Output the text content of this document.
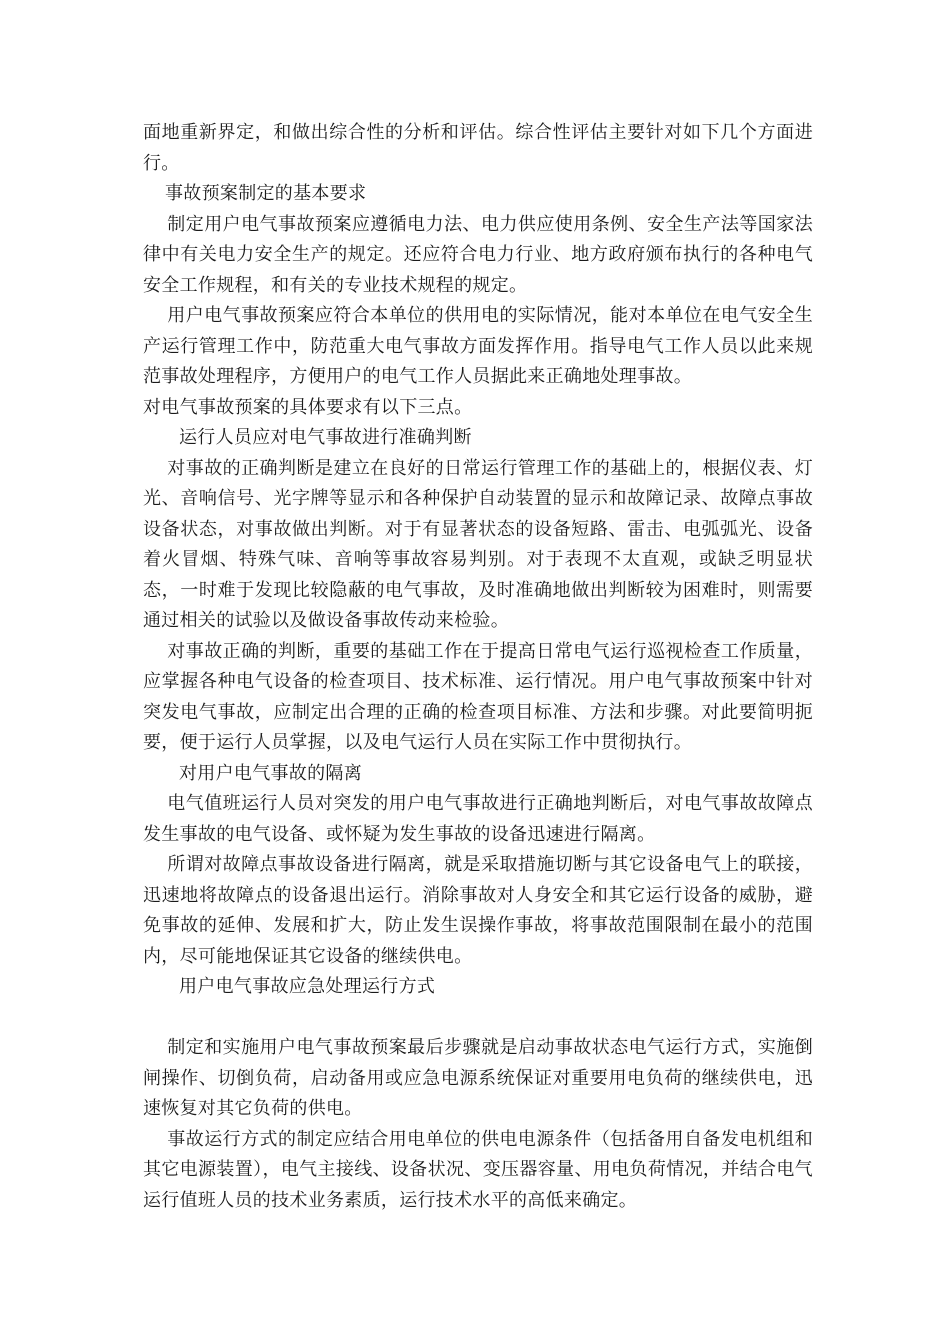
面地重新界定，和做出综合性的分析和评估。综合性评估主要针对如下几个方面进行。

事故预案制定的基本要求

制定用户电气事故预案应遵循电力法、电力供应使用条例、安全生产法等国家法律中有关电力安全生产的规定。还应符合电力行业、地方政府颁布执行的各种电气安全工作规程，和有关的专业技术规程的规定。

用户电气事故预案应符合本单位的供用电的实际情况，能对本单位在电气安全生产运行管理工作中，防范重大电气事故方面发挥作用。指导电气工作人员以此来规范事故处理程序，方便用户的电气工作人员据此来正确地处理事故。

对电气事故预案的具体要求有以下三点。

运行人员应对电气事故进行准确判断

对事故的正确判断是建立在良好的日常运行管理工作的基础上的，根据仪表、灯光、音响信号、光字牌等显示和各种保护自动装置的显示和故障记录、故障点事故设备状态，对事故做出判断。对于有显著状态的设备短路、雷击、电弧弧光、设备着火冒烟、特殊气味、音响等事故容易判别。对于表现不太直观，或缺乏明显状态，一时难于发现比较隐蔽的电气事故，及时准确地做出判断较为困难时，则需要通过相关的试验以及做设备事故传动来检验。

对事故正确的判断，重要的基础工作在于提高日常电气运行巡视检查工作质量，应掌握各种电气设备的检查项目、技术标准、运行情况。用户电气事故预案中针对突发电气事故，应制定出合理的正确的检查项目标准、方法和步骤。对此要简明扼要，便于运行人员掌握，以及电气运行人员在实际工作中贯彻执行。

对用户电气事故的隔离

电气值班运行人员对突发的用户电气事故进行正确地判断后，对电气事故故障点发生事故的电气设备、或怀疑为发生事故的设备迅速进行隔离。

所谓对故障点事故设备进行隔离，就是采取措施切断与其它设备电气上的联接，迅速地将故障点的设备退出运行。消除事故对人身安全和其它运行设备的威胁，避免事故的延伸、发展和扩大，防止发生误操作事故，将事故范围限制在最小的范围内，尽可能地保证其它设备的继续供电。

用户电气事故应急处理运行方式

制定和实施用户电气事故预案最后步骤就是启动事故状态电气运行方式，实施倒闸操作、切倒负荷，启动备用或应急电源系统保证对重要用电负荷的继续供电，迅速恢复对其它负荷的供电。

事故运行方式的制定应结合用电单位的供电电源条件（包括备用自备发电机组和其它电源装置），电气主接线、设备状况、变压器容量、用电负荷情况，并结合电气运行值班人员的技术业务素质，运行技术水平的高低来确定。
